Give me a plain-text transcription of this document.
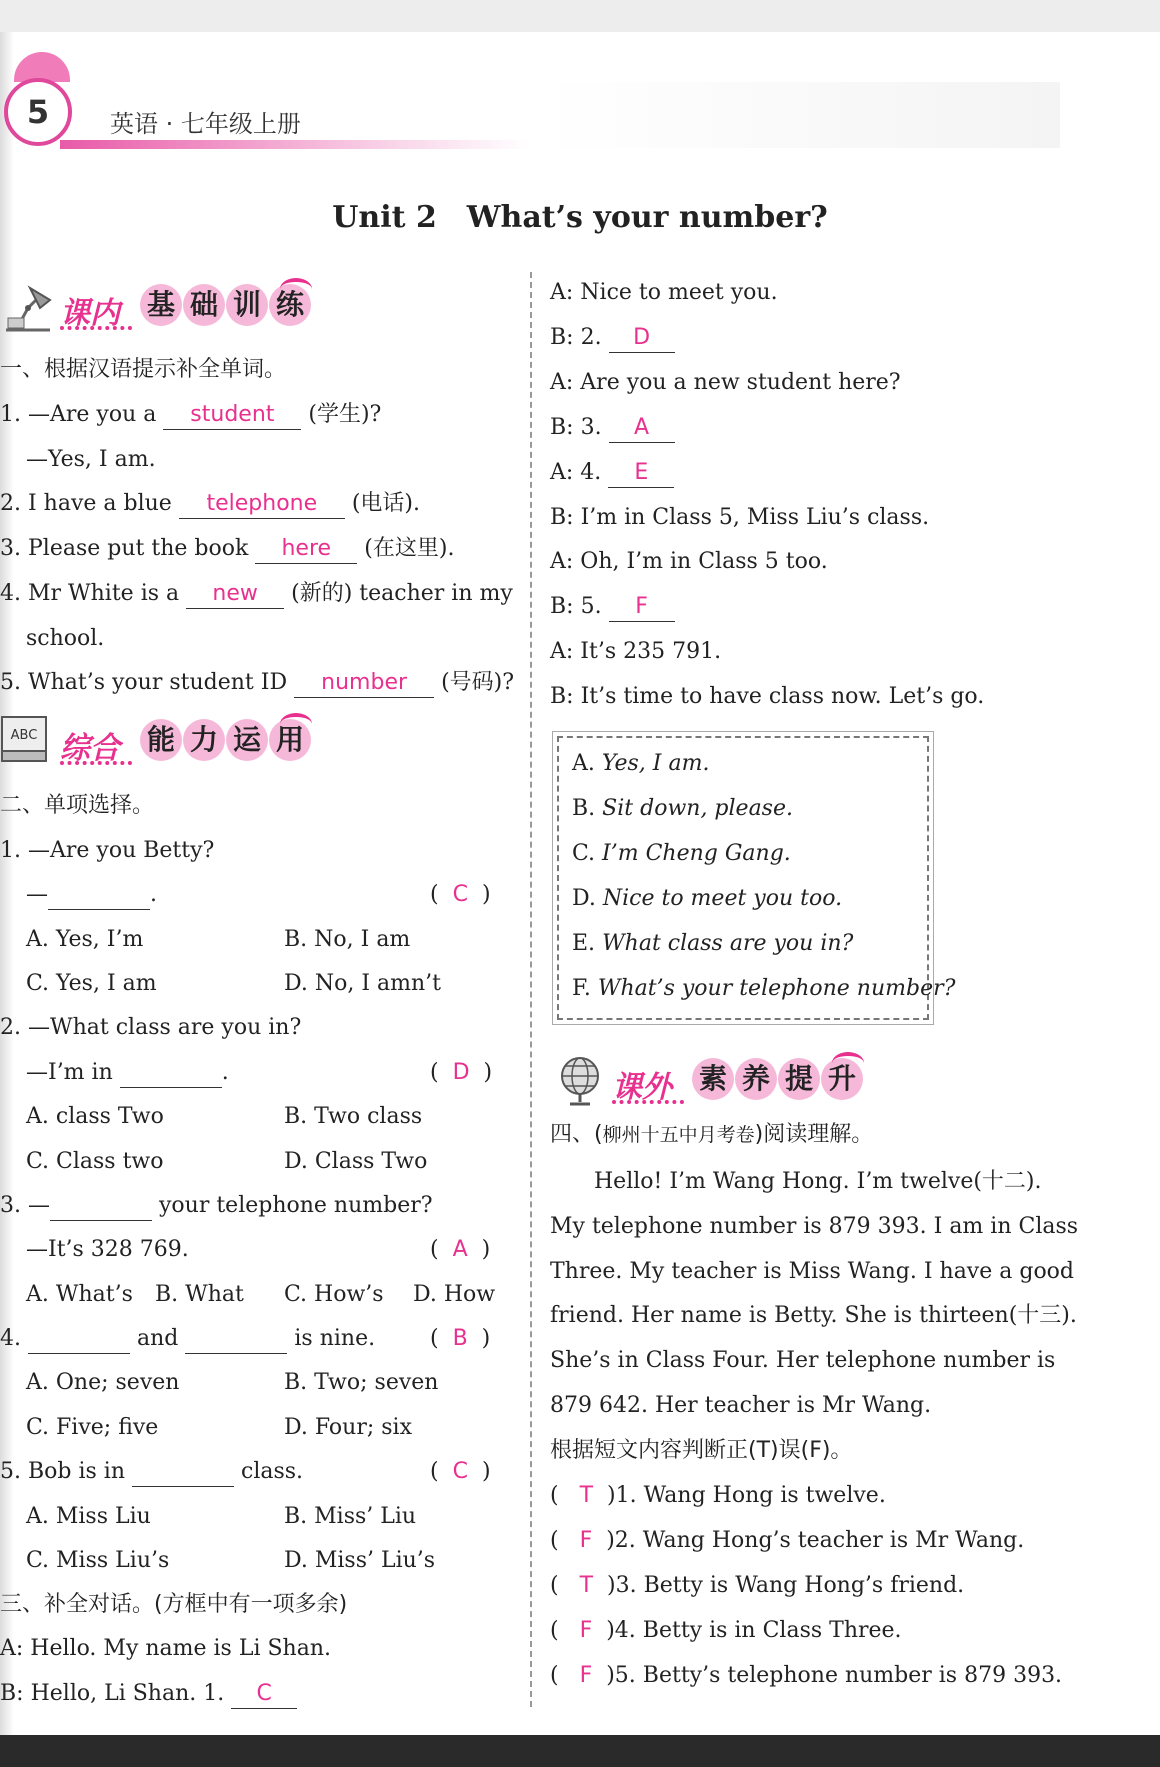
5	英语 · 七年级上册
Unit 2　What’s your number?
课内 基 础 训 练
一、根据汉语提示补全单词。
1. —Are you a student (学生)?
—Yes, I am.
2. I have a blue telephone (电话).
3. Please put the book here (在这里).
4. Mr White is a new (新的) teacher in my
school.
5. What’s your student ID number (号码)?
ABC 综合 能 力 运 用
二、单项选择。
1. —Are you Betty?
—	.	(  C  )
A. Yes, I’m	B. No, I am
C. Yes, I am	D. No, I amn’t
2. —What class are you in?
—I’m in	.	(  D  )
A. class Two	B. Two class
C. Class two	D. Class Two
3. —	your telephone number?
—It’s 328 769.	(  A  )
A. What’s B. What C. How’s D. How
4.	and	is nine. (  B  )
A. One; seven	B. Two; seven
C. Five; five	D. Four; six
5. Bob is in	class.	(  C  )
A. Miss Liu	B. Miss’ Liu
C. Miss Liu’s	D. Miss’ Liu’s
三、补全对话。(方框中有一项多余)
A: Hello. My name is Li Shan.
B: Hello, Li Shan. 1. C
A: Nice to meet you.
B: 2. D
A: Are you a new student here?
B: 3. A
A: 4. E
B: I’m in Class 5, Miss Liu’s class.
A: Oh, I’m in Class 5 too.
B: 5. F
A: It’s 235 791.
B: It’s time to have class now. Let’s go.
A. Yes, I am.
B. Sit down, please.
C. I’m Cheng Gang.
D. Nice to meet you too.
E. What class are you in?
F. What’s your telephone number?
课外 素 养 提 升
四、(柳州十五中月考卷)阅读理解。
　　Hello! I’m Wang Hong. I’m twelve(十二).
My telephone number is 879 393. I am in Class
Three. My teacher is Miss Wang. I have a good
friend. Her name is Betty. She is thirteen(十三).
She’s in Class Four. Her telephone number is
879 642. Her teacher is Mr Wang.
根据短文内容判断正(T)误(F)。
(   T )1. Wang Hong is twelve.
(   F )2. Wang Hong’s teacher is Mr Wang.
(   T )3. Betty is Wang Hong’s friend.
(   F )4. Betty is in Class Three.
(   F )5. Betty’s telephone number is 879 393.
